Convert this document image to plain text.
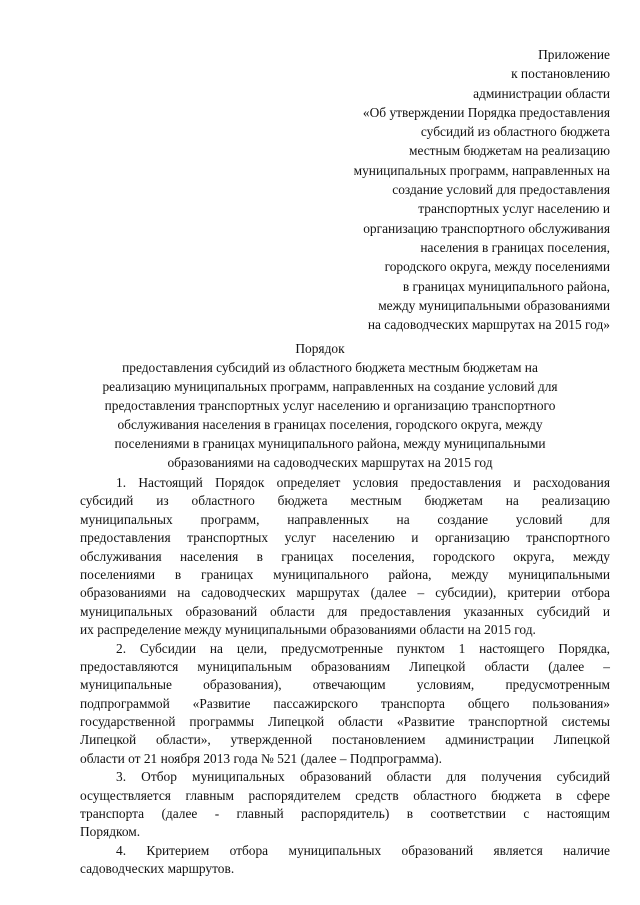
Приложение
к постановлению
администрации области
«Об утверждении Порядка предоставления
субсидий из областного бюджета
местным бюджетам на реализацию
муниципальных программ, направленных на
создание условий для предоставления
транспортных услуг населению и
организацию транспортного обслуживания
населения в границах поселения,
городского округа, между поселениями
в границах муниципального района,
между муниципальными образованиями
на садоводческих маршрутах на 2015 год»
Порядок
предоставления субсидий из областного бюджета местным бюджетам на
реализацию муниципальных программ, направленных на создание условий для
предоставления транспортных услуг населению и организацию транспортного
обслуживания населения в границах поселения, городского округа, между
поселениями в границах муниципального района, между муниципальными
образованиями на садоводческих маршрутах на 2015 год
1. Настоящий Порядок определяет условия предоставления и расходования
субсидий из областного бюджета местным бюджетам на реализацию
муниципальных программ, направленных на создание условий для
предоставления транспортных услуг населению и организацию транспортного
обслуживания населения в границах поселения, городского округа, между
поселениями в границах муниципального района, между муниципальными
образованиями на садоводческих маршрутах (далее – субсидии), критерии отбора
муниципальных образований области для предоставления указанных субсидий и
их распределение между муниципальными образованиями области на 2015 год.
2. Субсидии на цели, предусмотренные пунктом 1 настоящего Порядка,
предоставляются муниципальным образованиям Липецкой области (далее –
муниципальные образования), отвечающим условиям, предусмотренным
подпрограммой «Развитие пассажирского транспорта общего пользования»
государственной программы Липецкой области «Развитие транспортной системы
Липецкой области», утвержденной постановлением администрации Липецкой
области от 21 ноября 2013 года № 521 (далее – Подпрограмма).
3. Отбор муниципальных образований области для получения субсидий
осуществляется главным распорядителем средств областного бюджета в сфере
транспорта (далее - главный распорядитель) в соответствии с настоящим
Порядком.
4. Критерием отбора муниципальных образований является наличие
садоводческих маршрутов.
